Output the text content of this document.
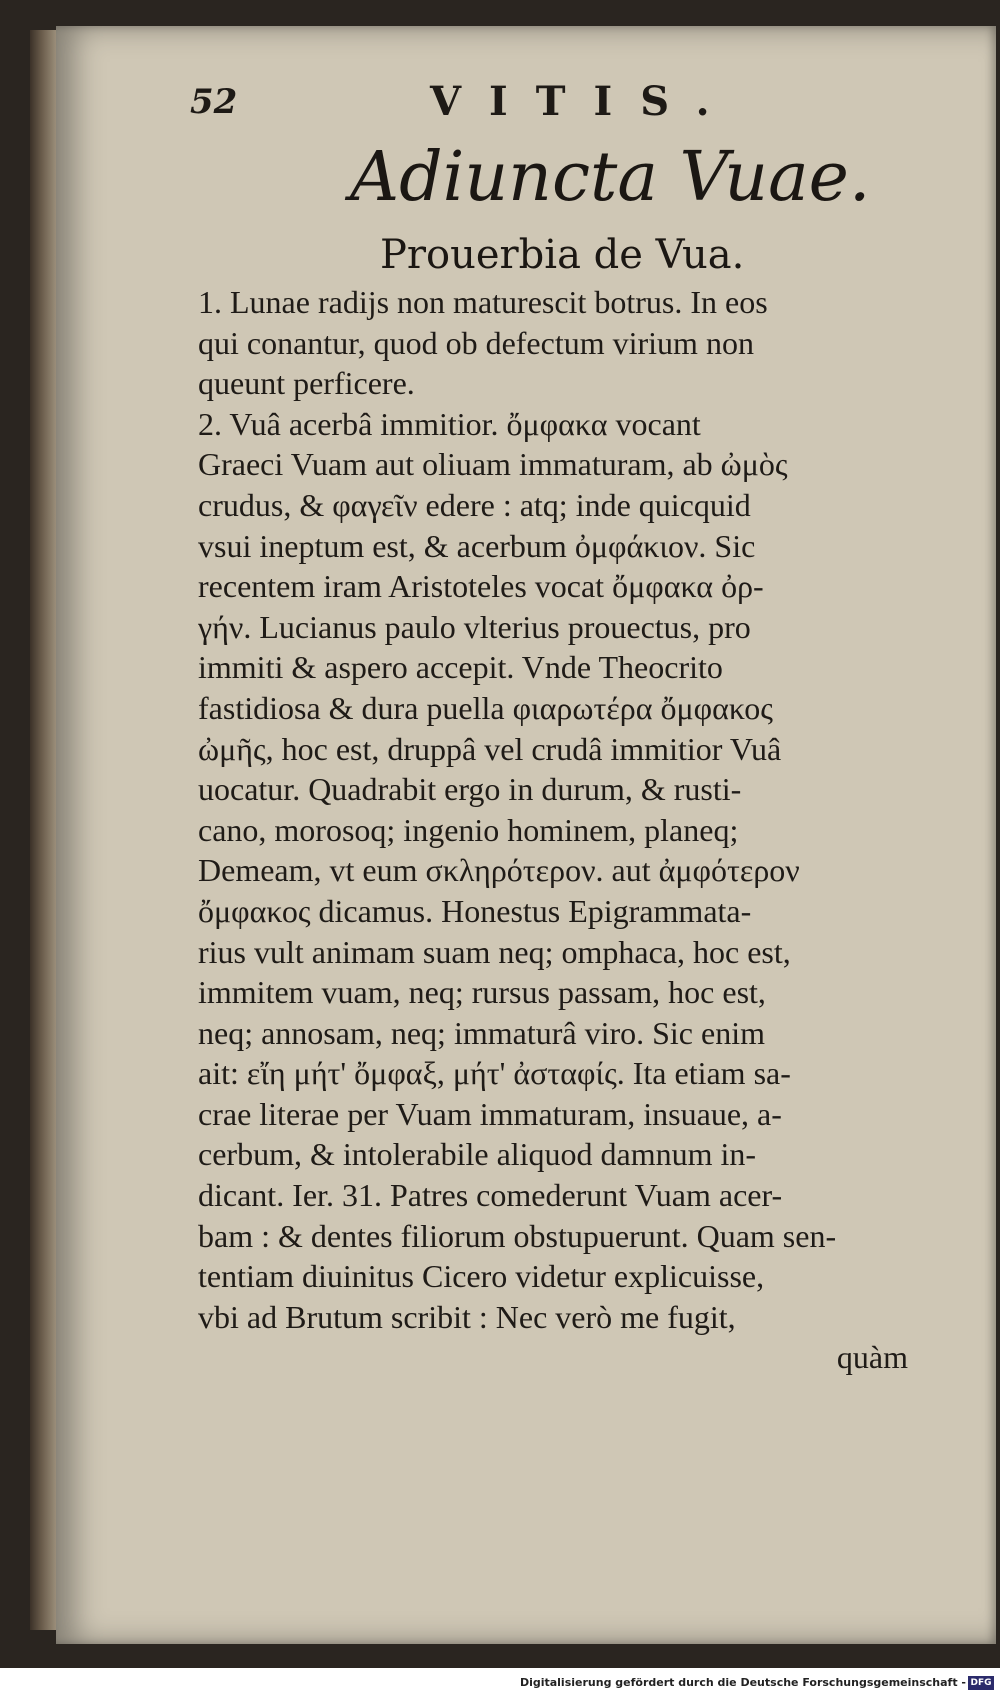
52	VITIS.
Adiuncta Vuae.
Prouerbia de Vua.
1. Lunae radijs non maturescit botrus. In eos
qui conantur, quod ob defectum virium non
queunt perficere.
2. Vuâ acerbâ immitior. ὄμφακα vocant
Graeci Vuam aut oliuam immaturam, ab ὠμὸς
crudus, & φαγεῖν edere : atq; inde quicquid
vsui ineptum est, & acerbum ὀμφάκιον. Sic
recentem iram Aristoteles vocat ὄμφακα ὀρ-
γήν. Lucianus paulo vlterius prouectus, pro
immiti & aspero accepit. Vnde Theocrito
fastidiosa & dura puella φιαρωτέρα ὄμφακος
ὠμῆς, hoc est, druppâ vel crudâ immitior Vuâ
uocatur. Quadrabit ergo in durum, & rusti-
cano, morosoq; ingenio hominem, planeq;
Demeam, vt eum σκληρότερον. aut ἀμφότερον
ὄμφακος dicamus. Honestus Epigrammata-
rius vult animam suam neq; omphaca, hoc est,
immitem vuam, neq; rursus passam, hoc est,
neq; annosam, neq; immaturâ viro. Sic enim
ait: εἴη μήτ' ὄμφαξ, μήτ' ἀσταφίς. Ita etiam sa-
crae literae per Vuam immaturam, insuaue, a-
cerbum, & intolerabile aliquod damnum in-
dicant. Ier. 31. Patres comederunt Vuam acer-
bam : & dentes filiorum obstupuerunt. Quam sen-
tentiam diuinitus Cicero videtur explicuisse,
vbi ad Brutum scribit : Nec verò me fugit,
quàm
Digitalisierung gefördert durch die Deutsche Forschungsgemeinschaft - DFG
